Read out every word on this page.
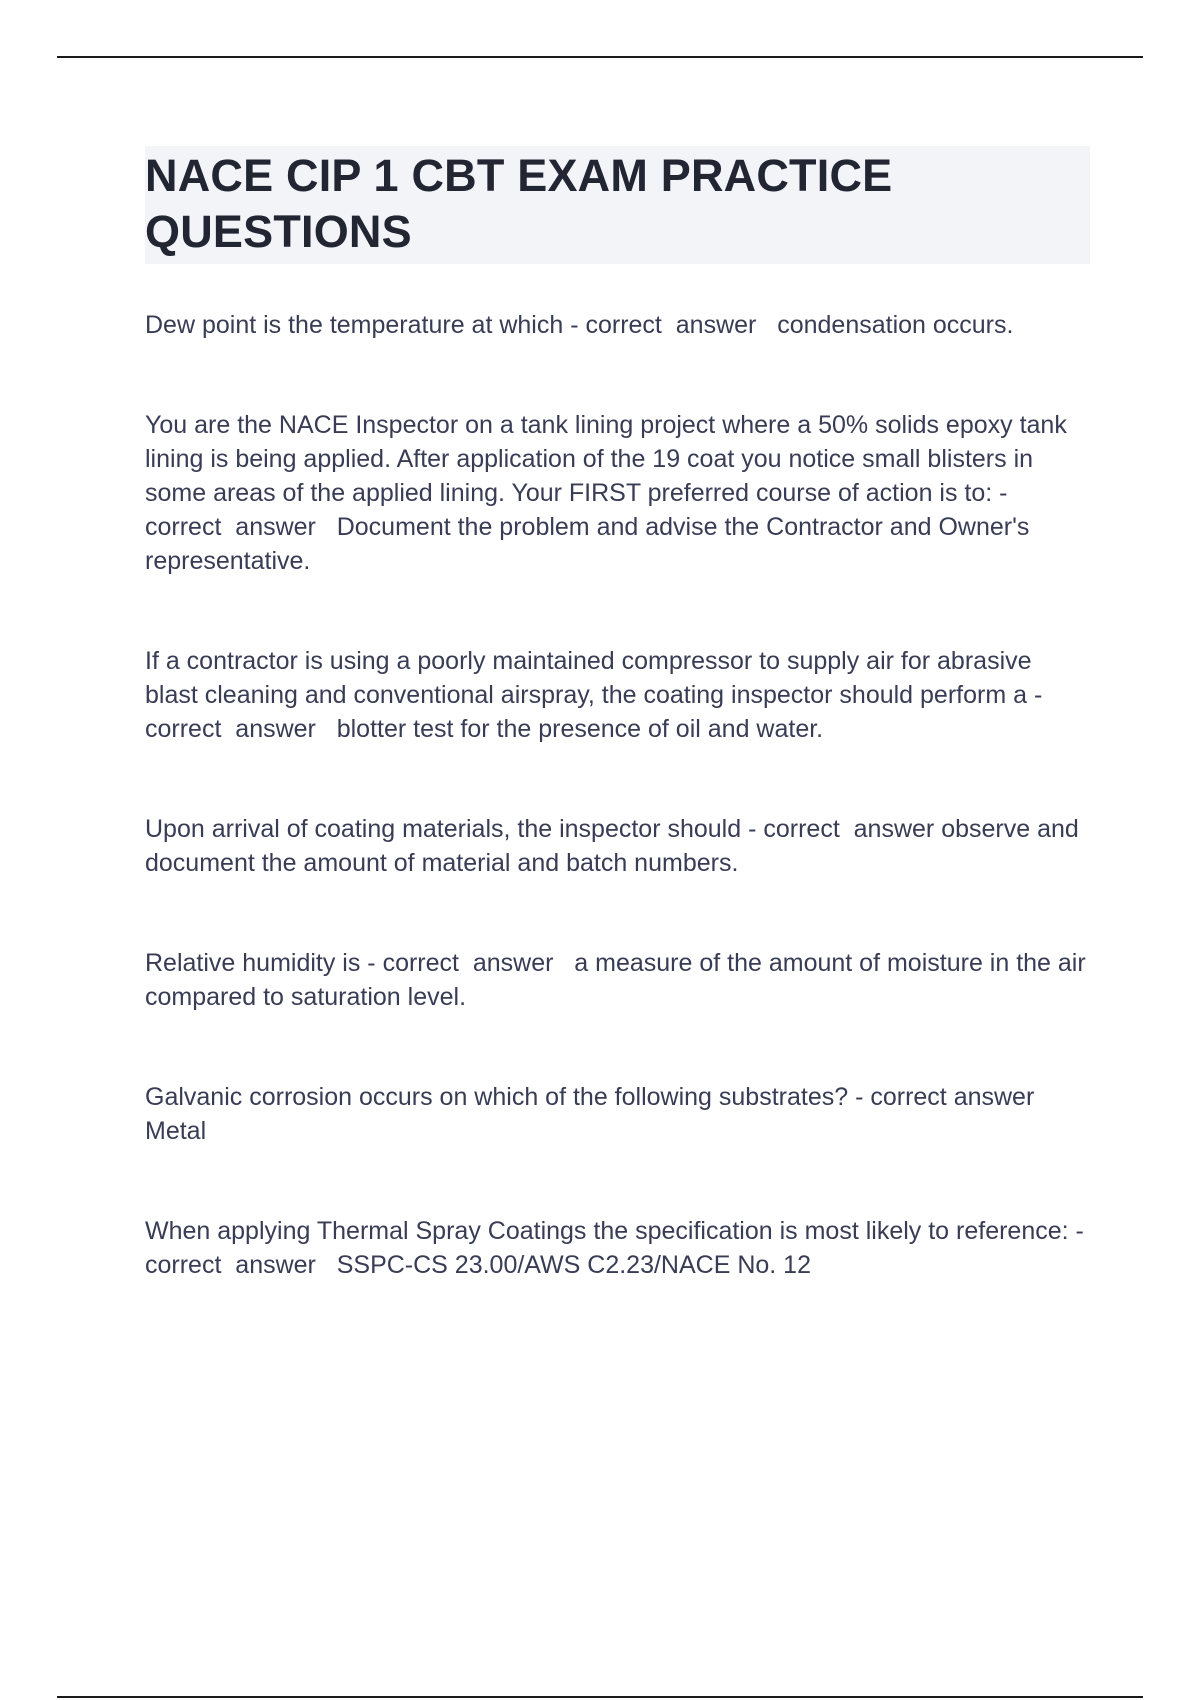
NACE CIP 1 CBT EXAM PRACTICE QUESTIONS

Dew point is the temperature at which - correct  answer   condensation occurs.

You are the NACE Inspector on a tank lining project where a 50% solids epoxy tank lining is being applied. After application of the 19 coat you notice small blisters in some areas of the applied lining. Your FIRST preferred course of action is to: - correct  answer   Document the problem and advise the Contractor and Owner's representative.

If a contractor is using a poorly maintained compressor to supply air for abrasive blast cleaning and conventional airspray, the coating inspector should perform a - correct  answer   blotter test for the presence of oil and water.

Upon arrival of coating materials, the inspector should - correct  answer observe and document the amount of material and batch numbers.

Relative humidity is - correct  answer   a measure of the amount of moisture in the air compared to saturation level.

Galvanic corrosion occurs on which of the following substrates? - correct answer   Metal

When applying Thermal Spray Coatings the specification is most likely to reference: - correct  answer   SSPC-CS 23.00/AWS C2.23/NACE No. 12
